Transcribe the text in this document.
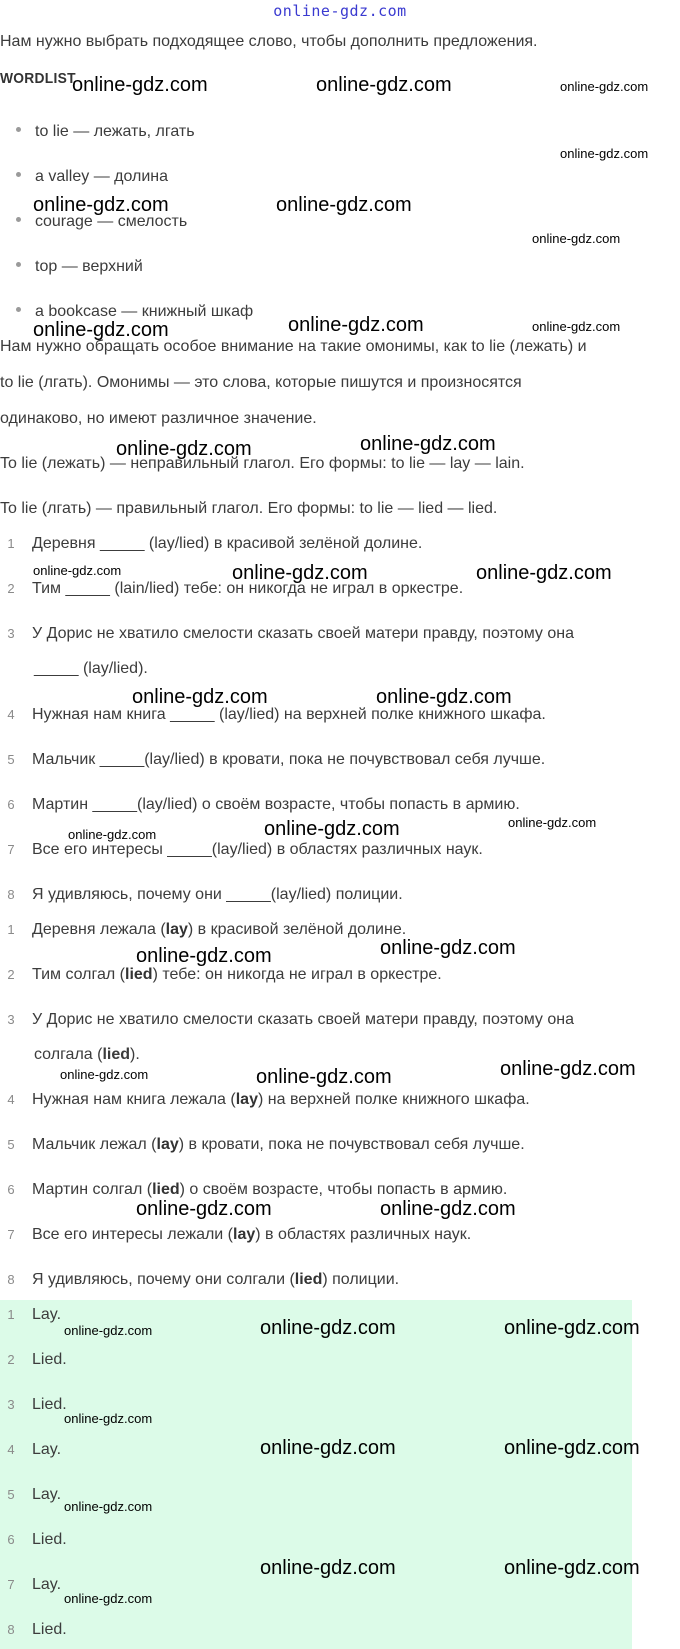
online-gdz.com

Нам нужно выбрать подходящее слово, чтобы дополнить предложения.

WORDLIST
to lie — лежать, лгать
a valley — долина
courage — смелость
top — верхний
a bookcase — книжный шкаф

Нам нужно обращать особое внимание на такие омонимы, как to lie (лежать) и

to lie (лгать). Омонимы — это слова, которые пишутся и произносятся

одинаково, но имеют различное значение.

To lie (лежать) — неправильный глагол. Его формы: to lie — lay — lain.

To lie (лгать) — правильный глагол. Его формы: to lie — lied — lied.

1 Деревня _____ (lay/lied) в красивой зелёной долине.
2 Тим _____ (lain/lied) тебе: он никогда не играл в оркестре.
3 У Дорис не хватило смелости сказать своей матери правду, поэтому она
_____ (lay/lied).
4 Нужная нам книга _____ (lay/lied) на верхней полке книжного шкафа.
5 Мальчик _____(lay/lied) в кровати, пока не почувствовал себя лучше.
6 Мартин _____(lay/lied) о своём возрасте, чтобы попасть в армию.
7 Все его интересы _____(lay/lied) в областях различных наук.
8 Я удивляюсь, почему они _____(lay/lied) полиции.
1 Деревня лежала (lay) в красивой зелёной долине.
2 Тим солгал (lied) тебе: он никогда не играл в оркестре.
3 У Дорис не хватило смелости сказать своей матери правду, поэтому она
солгала (lied).
4 Нужная нам книга лежала (lay) на верхней полке книжного шкафа.
5 Мальчик лежал (lay) в кровати, пока не почувствовал себя лучше.
6 Мартин солгал (lied) о своём возрасте, чтобы попасть в армию.
7 Все его интересы лежали (lay) в областях различных наук.
8 Я удивляюсь, почему они солгали (lied) полиции.
1 Lay.
2 Lied.
3 Lied.
4 Lay.
5 Lay.
6 Lied.
7 Lay.
8 Lied.
online-gdz.com	online-gdz.com	online-gdz.com
online-gdz.com
online-gdz.com	online-gdz.com
online-gdz.com
online-gdz.com
online-gdz.com	online-gdz.com
online-gdz.com
online-gdz.com
online-gdz.com	online-gdz.com	online-gdz.com
online-gdz.com	online-gdz.com
online-gdz.com
online-gdz.com
online-gdz.com
online-gdz.com
online-gdz.com
online-gdz.com
online-gdz.com	online-gdz.com
online-gdz.com	online-gdz.com
online-gdz.com	online-gdz.com
online-gdz.com
online-gdz.com
online-gdz.com	online-gdz.com
online-gdz.com
online-gdz.com	online-gdz.com
online-gdz.com
